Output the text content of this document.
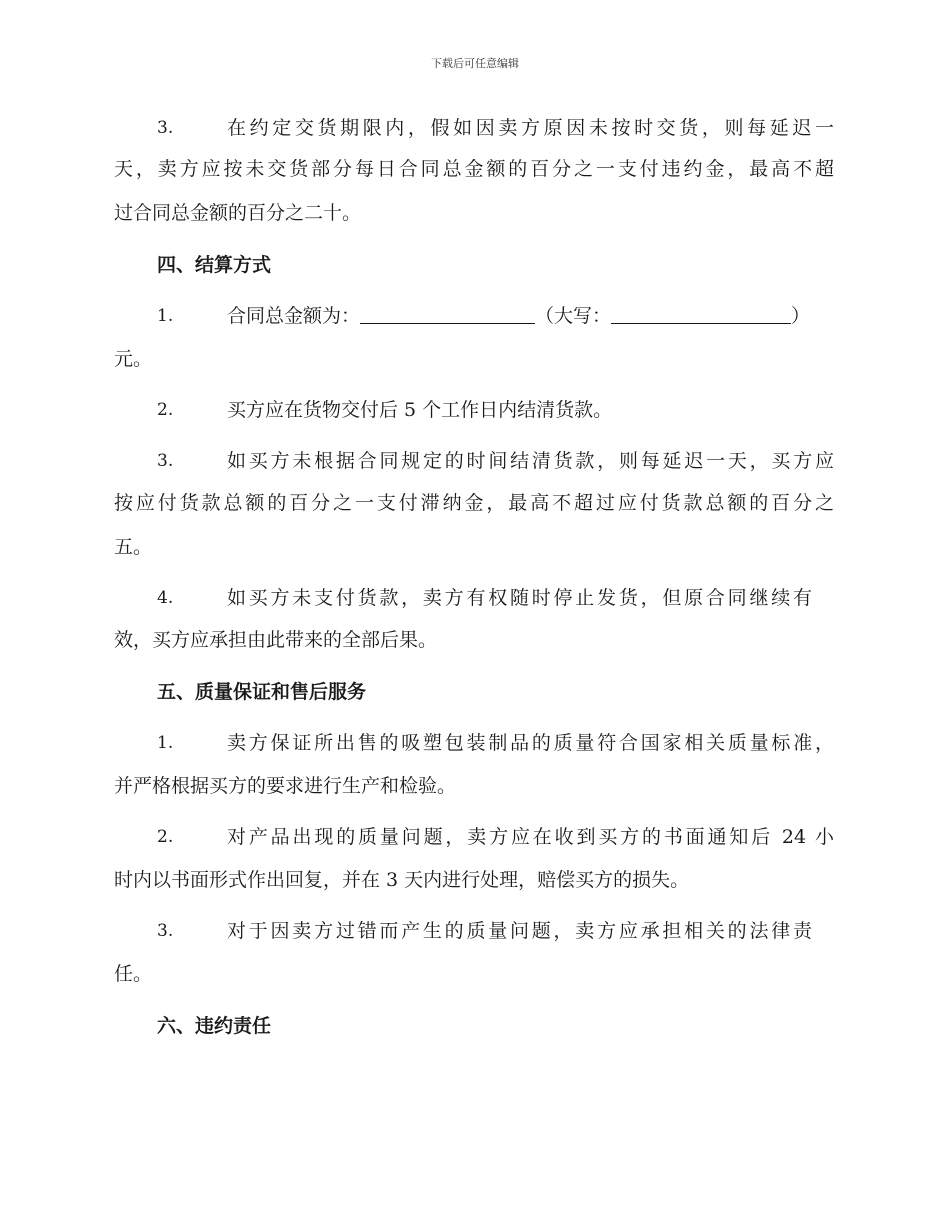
下载后可任意编辑
3.	在约定交货期限内，假如因卖方原因未按时交货，则每延迟一
天，卖方应按未交货部分每日合同总金额的百分之一支付违约金，最高不超
过合同总金额的百分之二十。
四、结算方式
1.	合同总金额为：	（大写：	）
元。
2.	买方应在货物交付后 5 个工作日内结清货款。
3.	如买方未根据合同规定的时间结清货款，则每延迟一天，买方应
按应付货款总额的百分之一支付滞纳金，最高不超过应付货款总额的百分之
五。
4.	如买方未支付货款，卖方有权随时停止发货，但原合同继续有
效，买方应承担由此带来的全部后果。
五、质量保证和售后服务
1.	卖方保证所出售的吸塑包装制品的质量符合国家相关质量标准，
并严格根据买方的要求进行生产和检验。
2.	对产品出现的质量问题，卖方应在收到买方的书面通知后 24 小
时内以书面形式作出回复，并在 3 天内进行处理，赔偿买方的损失。
3.	对于因卖方过错而产生的质量问题，卖方应承担相关的法律责
任。
六、违约责任
